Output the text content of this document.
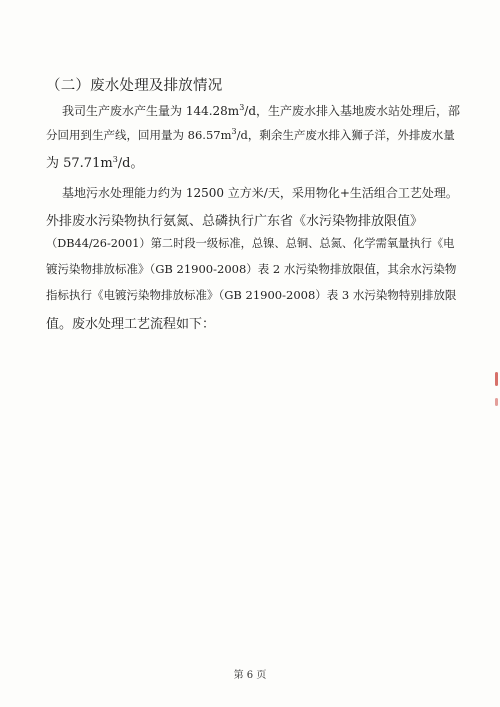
（二）废水处理及排放情况
我司生产废水产生量为 $144.28m^3/d$，生产废水排入基地废水站处理后，部
分回用到生产线，回用量为 $86.57m^3/d$，剩余生产废水排入狮子洋，外排废水量
为 $57.71m^3/d$。
基地污水处理能力约为 12500 立方米/天，采用物化+生活组合工艺处理。
外排废水污染物执行氨氮、总磷执行广东省《水污染物排放限值》
（DB44/26-2001）第二时段一级标准，总镍、总铜、总氮、化学需氧量执行《电
镀污染物排放标准》（GB 21900-2008）表 2 水污染物排放限值，其余水污染物
指标执行《电镀污染物排放标准》（GB 21900-2008）表 3 水污染物特别排放限
值。废水处理工艺流程如下：
第 6 页
